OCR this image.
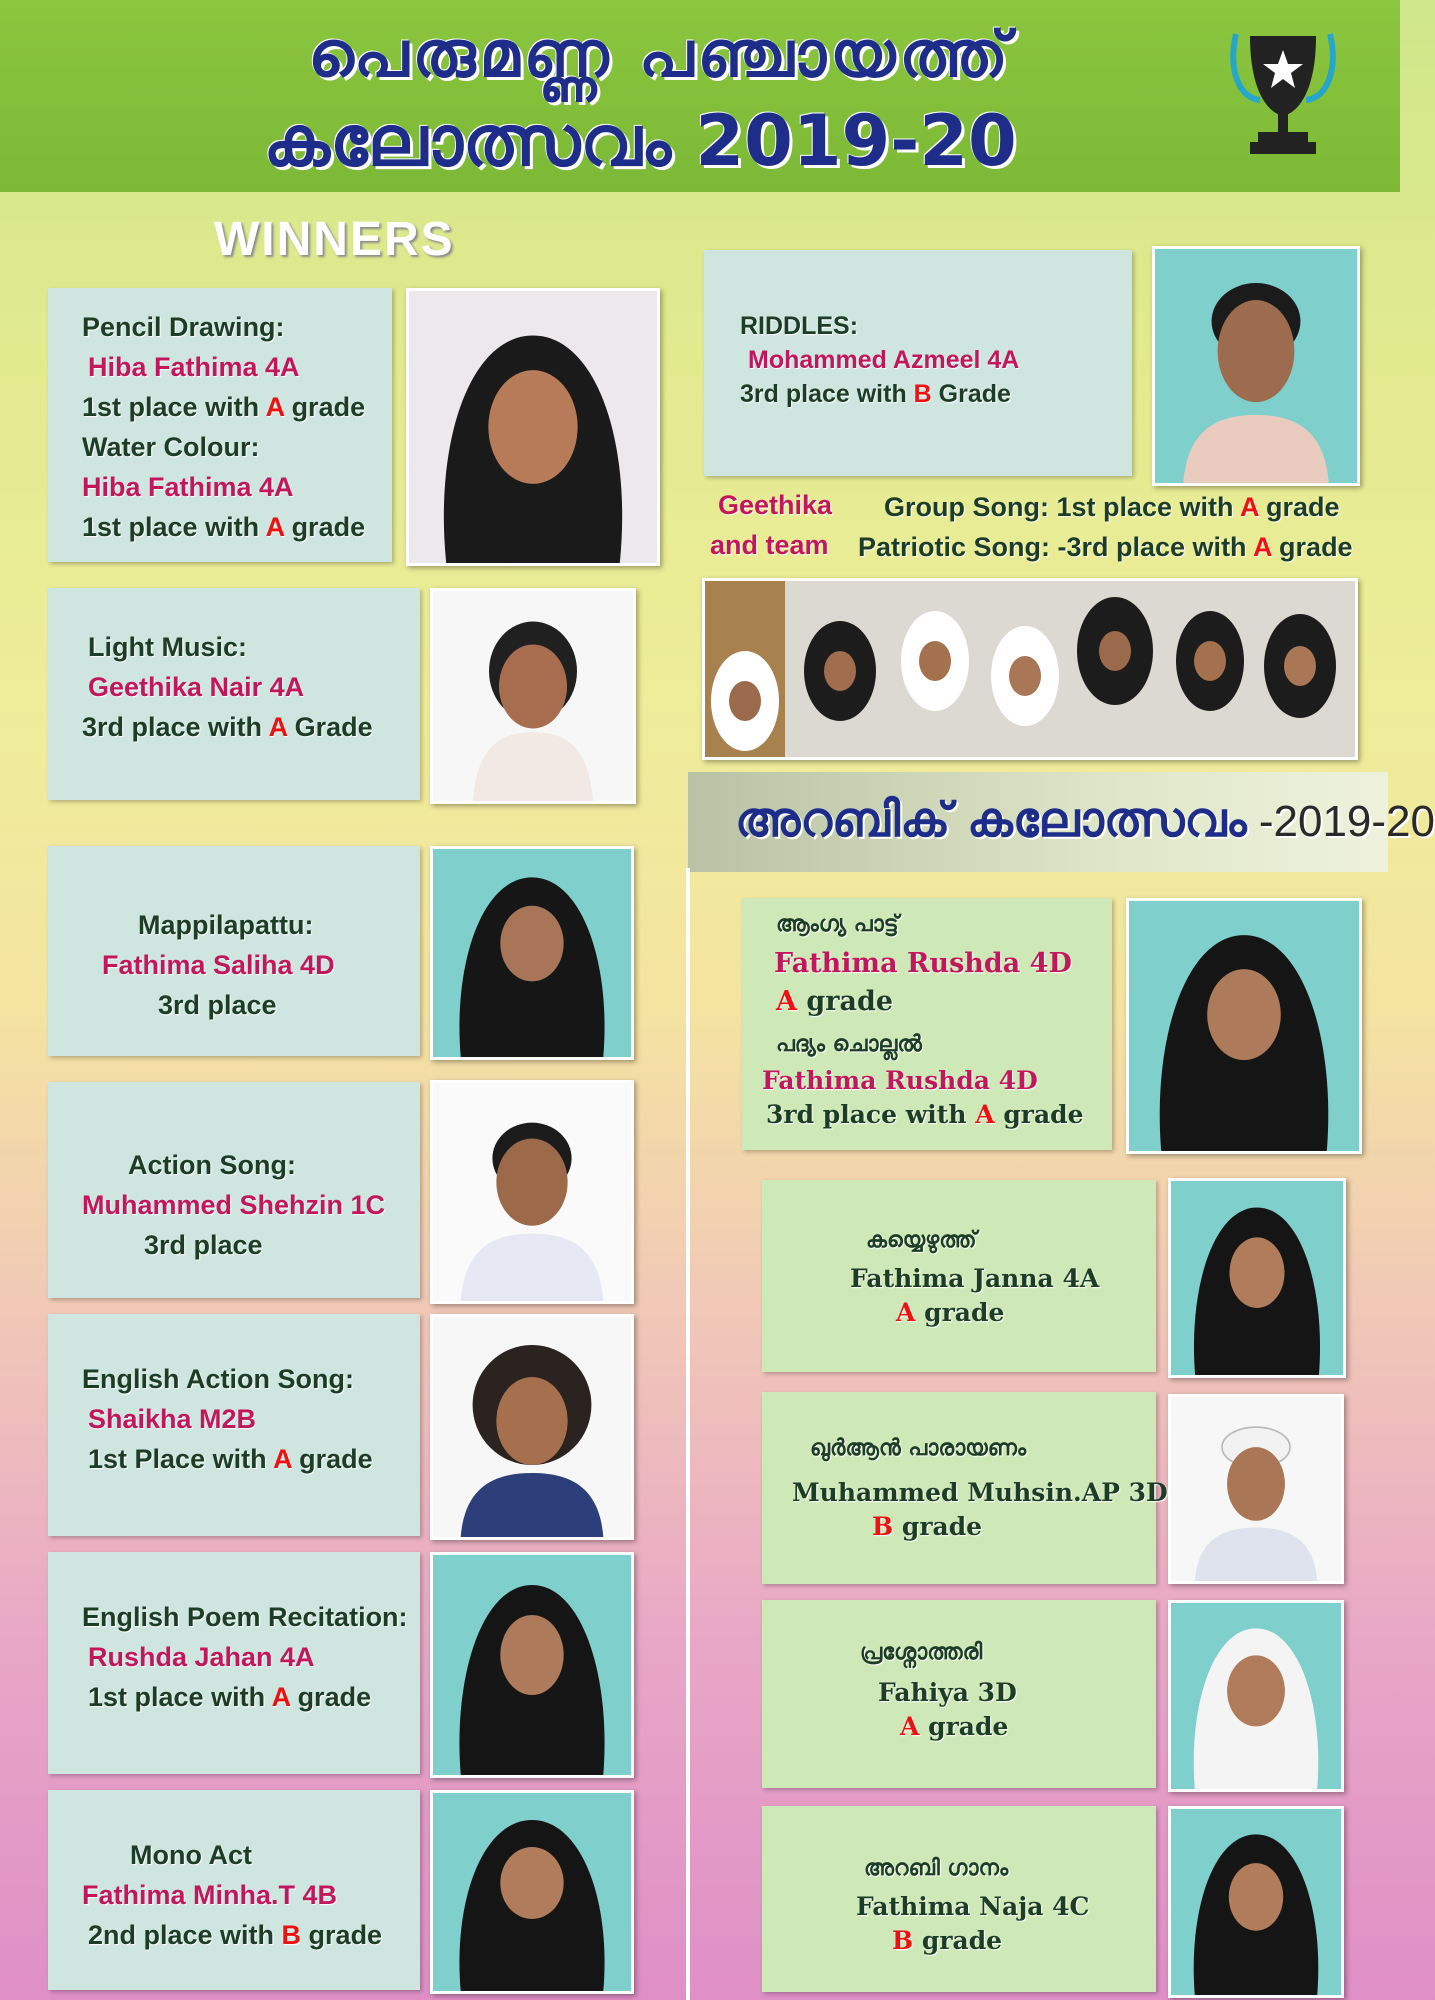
പെരുമണ്ണ പഞ്ചായത്ത്
കലോത്സവം 2019-20
WINNERS
Pencil Drawing:
Hiba Fathima 4A
1st place with A grade
Water Colour:
Hiba Fathima 4A
1st place with A grade
Light Music:
Geethika Nair 4A
3rd place with A Grade
Mappilapattu:
Fathima Saliha 4D
3rd place
Action Song:
Muhammed Shehzin 1C
3rd place
English Action Song:
Shaikha M2B
1st Place with A grade
English Poem Recitation:
Rushda Jahan 4A
1st place with A grade
Mono Act
Fathima Minha.T 4B
2nd place with B grade
RIDDLES:
Mohammed Azmeel 4A
3rd place with B Grade
Geethika
and team
Group Song: 1st place with A grade
Patriotic Song: -3rd place with A grade
അറബിക് കലോത്സവം -2019-20
ആംഗ്യ പാട്ട്
Fathima Rushda 4D
A grade
പദ്യം ചൊല്ലൽ
Fathima Rushda 4D
3rd place with A grade
കയ്യെഴുത്ത്
Fathima Janna 4A
A grade
ഖുർആൻ പാരായണം
Muhammed Muhsin.AP 3D
B grade
പ്രശ്നോത്തരി
Fahiya 3D
A grade
അറബി ഗാനം
Fathima Naja 4C
B grade
